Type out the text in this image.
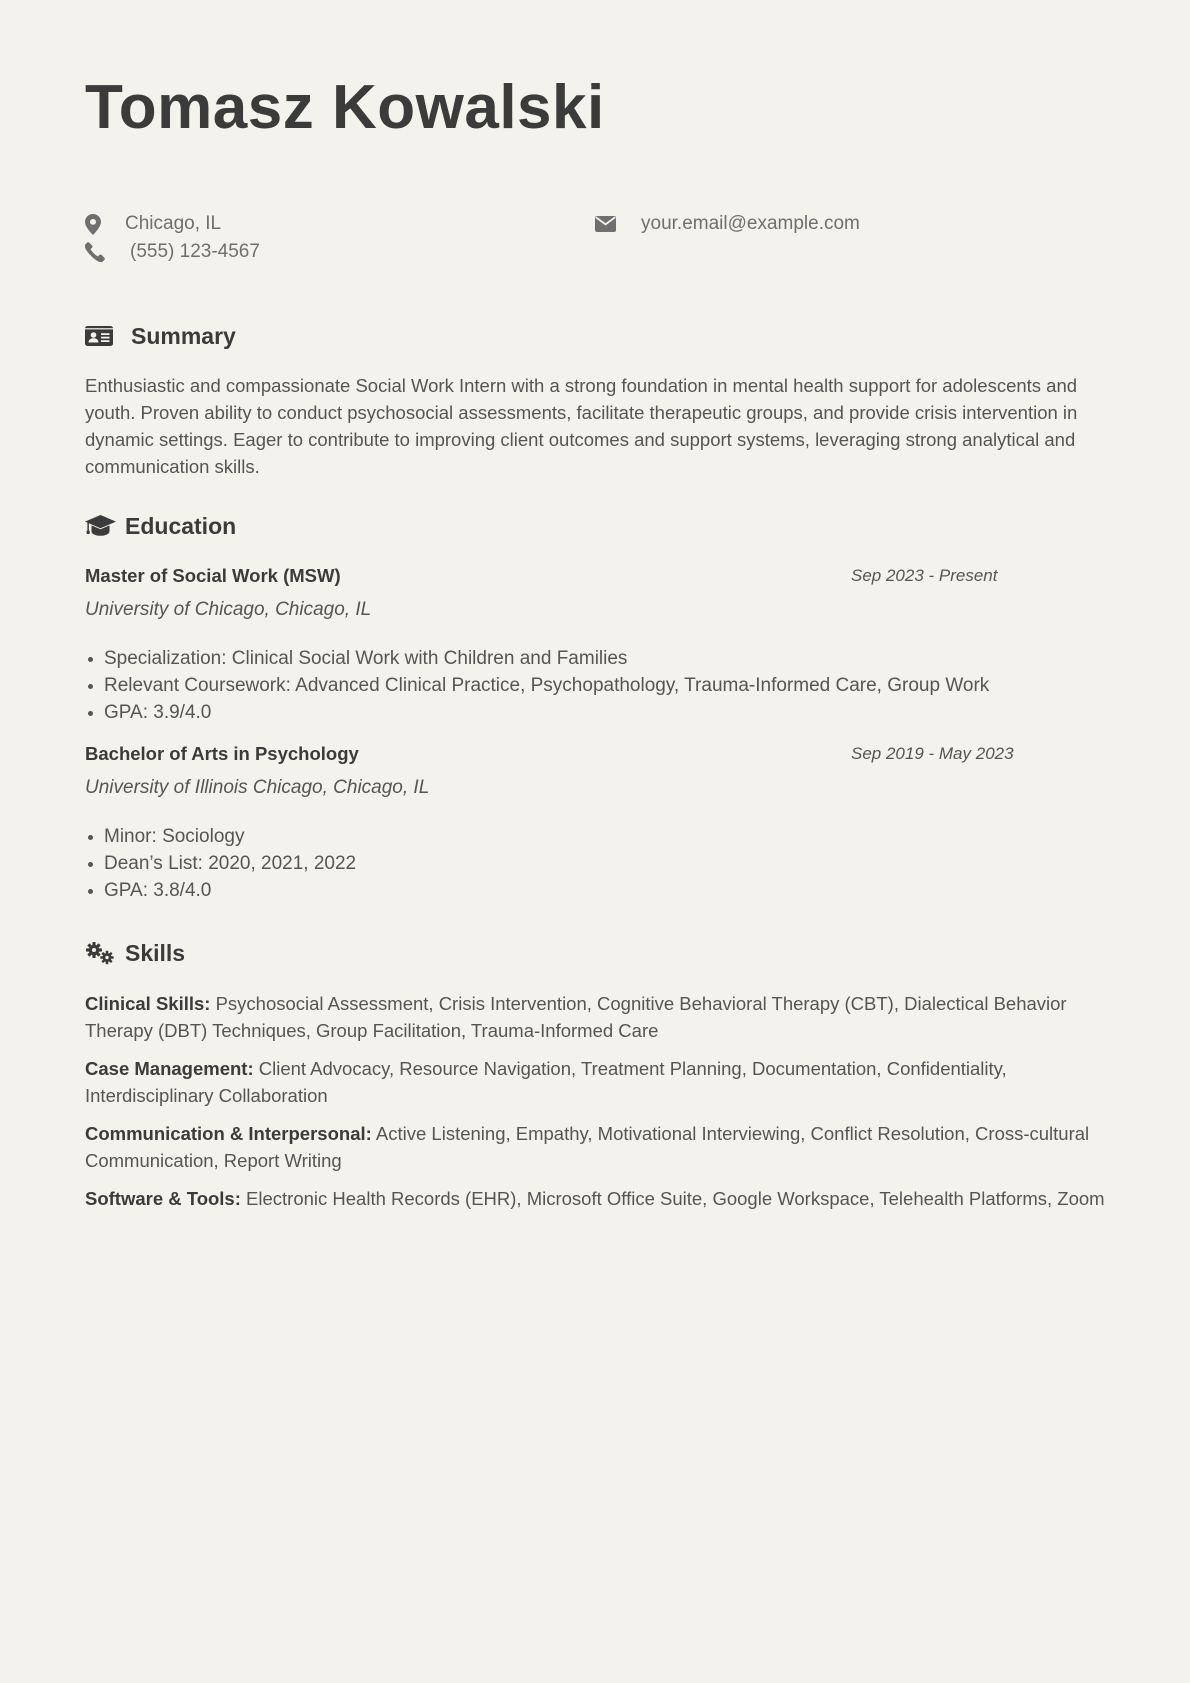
Tomasz Kowalski
Chicago, IL
(555) 123-4567
your.email@example.com
Summary

Enthusiastic and compassionate Social Work Intern with a strong foundation in mental health support for adolescents and youth. Proven ability to conduct psychosocial assessments, facilitate therapeutic groups, and provide crisis intervention in dynamic settings. Eager to contribute to improving client outcomes and support systems, leveraging strong analytical and communication skills.

Education
Master of Social Work (MSW)	Sep 2023 - Present
University of Chicago, Chicago, IL
Specialization: Clinical Social Work with Children and Families
Relevant Coursework: Advanced Clinical Practice, Psychopathology, Trauma-Informed Care, Group Work
GPA: 3.9/4.0
Bachelor of Arts in Psychology	Sep 2019 - May 2023
University of Illinois Chicago, Chicago, IL
Minor: Sociology
Dean’s List: 2020, 2021, 2022
GPA: 3.8/4.0
Skills

Clinical Skills: Psychosocial Assessment, Crisis Intervention, Cognitive Behavioral Therapy (CBT), Dialectical Behavior Therapy (DBT) Techniques, Group Facilitation, Trauma-Informed Care

Case Management: Client Advocacy, Resource Navigation, Treatment Planning, Documentation, Confidentiality, Interdisciplinary Collaboration

Communication & Interpersonal: Active Listening, Empathy, Motivational Interviewing, Conflict Resolution, Cross-cultural Communication, Report Writing

Software & Tools: Electronic Health Records (EHR), Microsoft Office Suite, Google Workspace, Telehealth Platforms, Zoom
